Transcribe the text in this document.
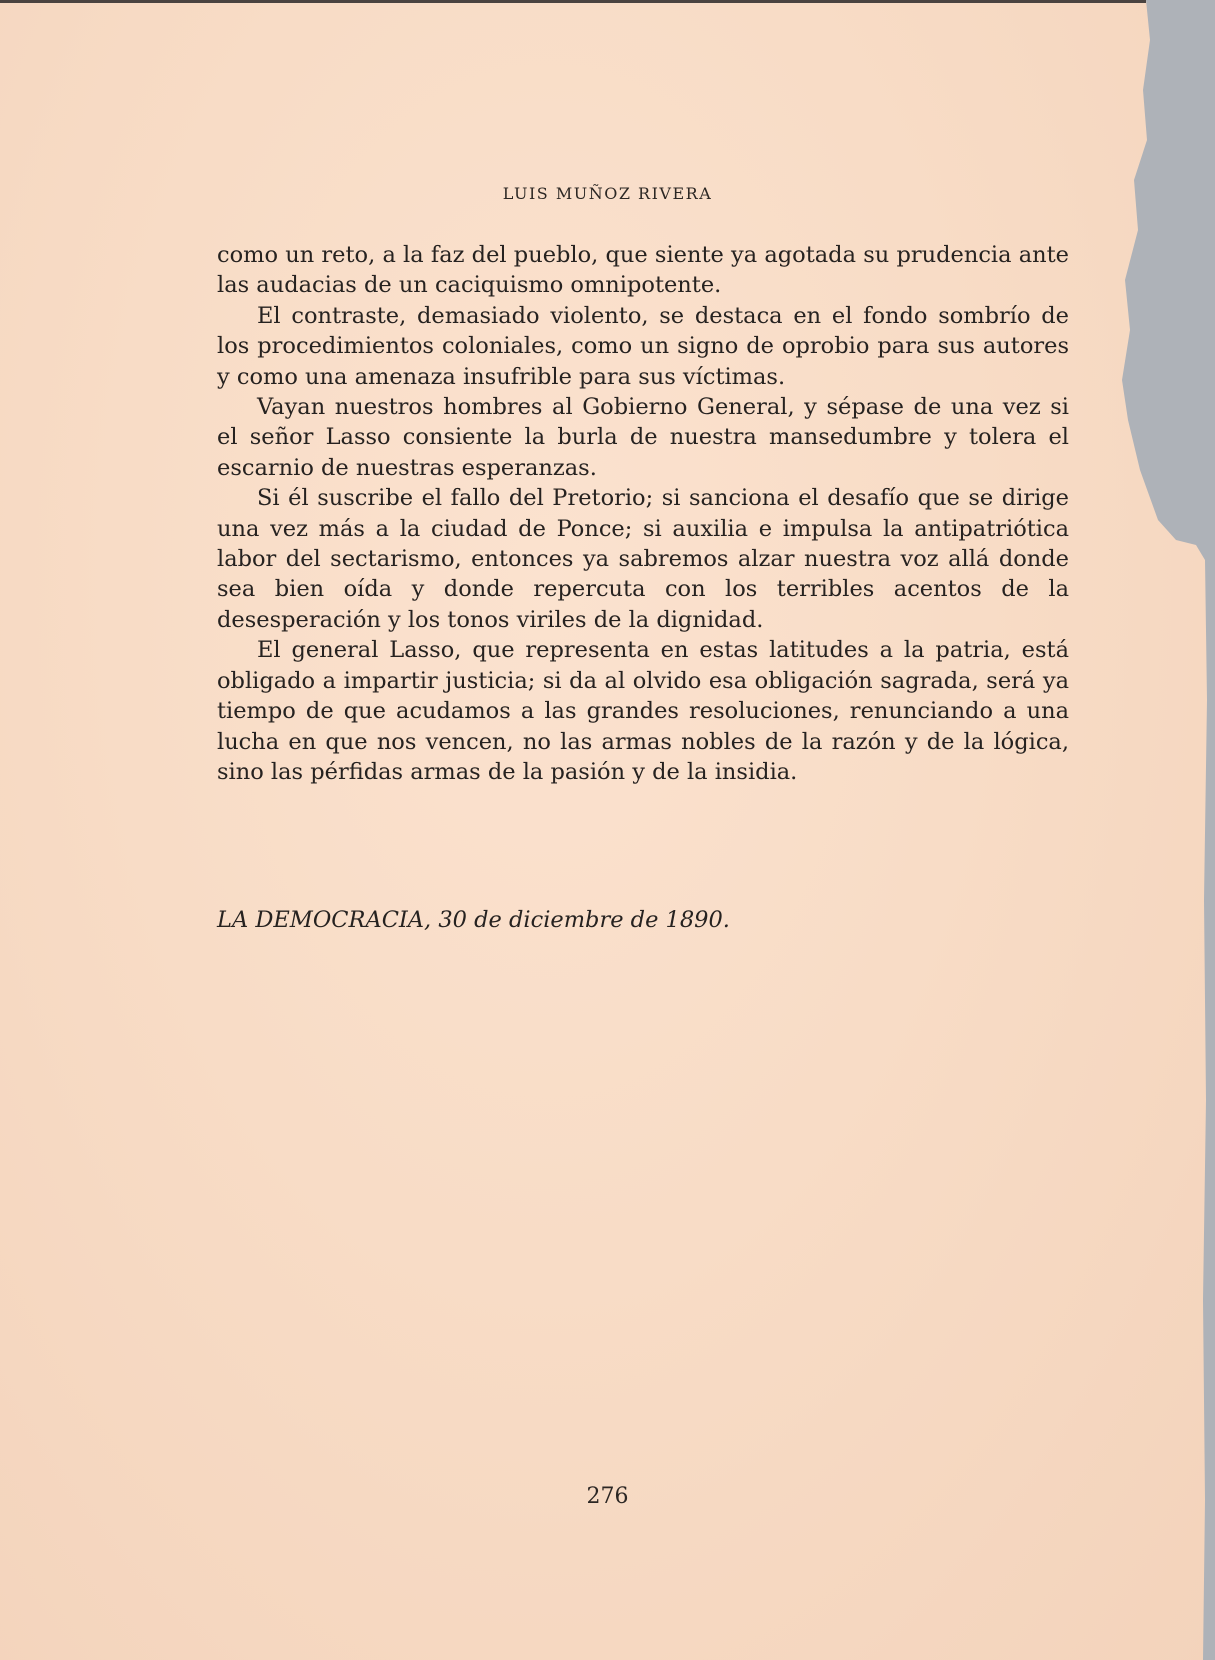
LUIS MUÑOZ RIVERA

como un reto, a la faz del pueblo, que siente ya agotada su prudencia ante las audacias de un caciquismo omnipotente.

El contraste, demasiado violento, se destaca en el fondo sombrío de los procedimientos coloniales, como un signo de oprobio para sus autores y como una amenaza insufrible para sus víctimas.

Vayan nuestros hombres al Gobierno General, y sépase de una vez si el señor Lasso consiente la burla de nuestra mansedumbre y tolera el escarnio de nuestras esperanzas.

Si él suscribe el fallo del Pretorio; si sanciona el desafío que se dirige una vez más a la ciudad de Ponce; si auxilia e impulsa la antipatriótica labor del sectarismo, entonces ya sabremos alzar nuestra voz allá donde sea bien oída y donde repercuta con los terribles acentos de la desesperación y los tonos viriles de la dignidad.

El general Lasso, que representa en estas latitudes a la patria, está obligado a impartir justicia; si da al olvido esa obligación sagrada, será ya tiempo de que acudamos a las grandes resoluciones, renunciando a una lucha en que nos vencen, no las armas nobles de la razón y de la lógica, sino las pérfidas armas de la pasión y de la insidia.

LA DEMOCRACIA, 30 de diciembre de 1890.
276
